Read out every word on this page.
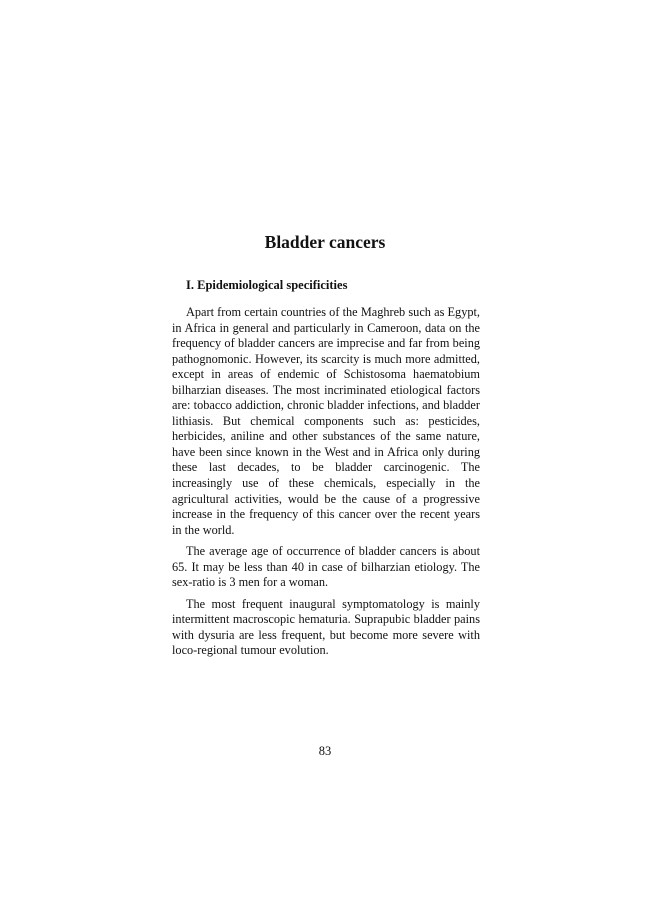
Bladder cancers
I. Epidemiological specificities

Apart from certain countries of the Maghreb such as Egypt, in Africa in general and particularly in Cameroon, data on the frequency of bladder cancers are imprecise and far from being pathognomonic. However, its scarcity is much more admitted, except in areas of endemic of Schistosoma haematobium bilharzian diseases. The most incriminated etiological factors are: tobacco addiction, chronic bladder infections, and bladder lithiasis. But chemical components such as: pesticides, herbicides, aniline and other substances of the same nature, have been since known in the West and in Africa only during these last decades, to be bladder carcinogenic. The increasingly use of these chemicals, especially in the agricultural activities, would be the cause of a progressive increase in the frequency of this cancer over the recent years in the world.

The average age of occurrence of bladder cancers is about 65. It may be less than 40 in case of bilharzian etiology. The sex-ratio is 3 men for a woman.

The most frequent inaugural symptomatology is mainly intermittent macroscopic hematuria. Suprapubic bladder pains with dysuria are less frequent, but become more severe with loco-regional tumour evolution.

83
